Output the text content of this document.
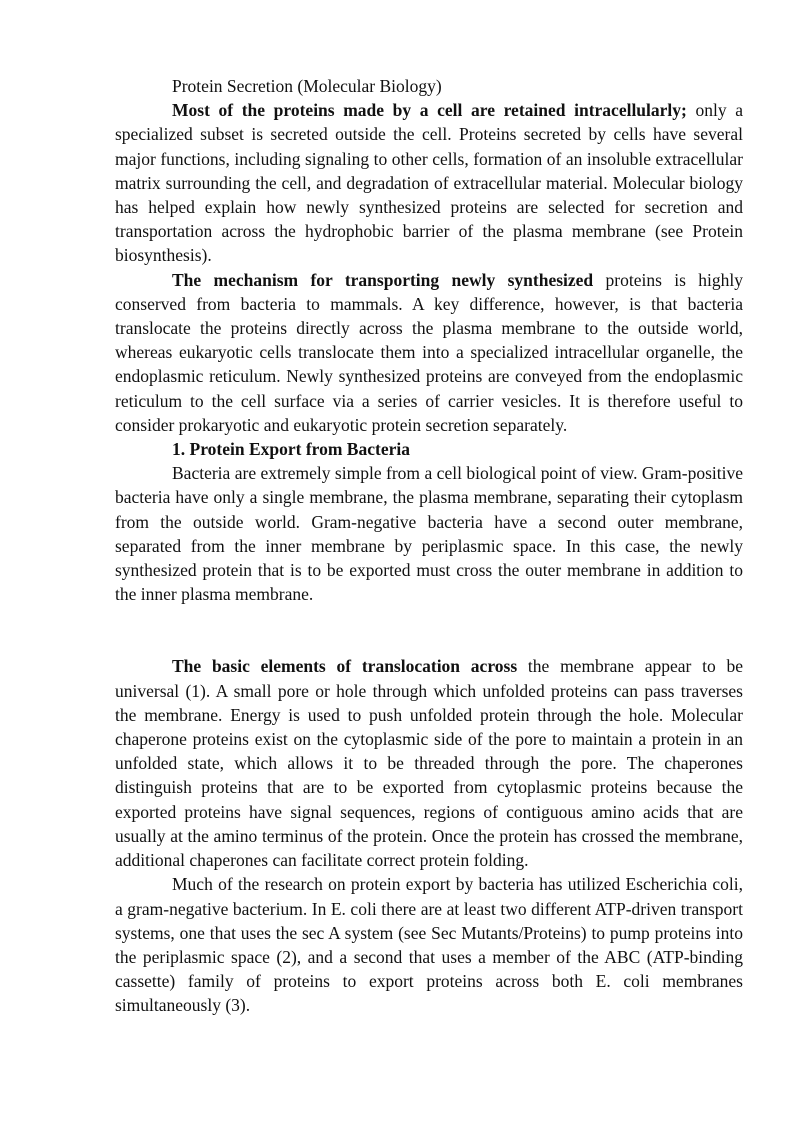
Protein Secretion (Molecular Biology)

Most of the proteins made by a cell are retained intracellularly; only a specialized subset is secreted outside the cell. Proteins secreted by cells have several major functions, including signaling to other cells, formation of an insoluble extracellular matrix surrounding the cell, and degradation of extracellular material. Molecular biology has helped explain how newly synthesized proteins are selected for secretion and transportation across the hydrophobic barrier of the plasma membrane (see Protein biosynthesis).

The mechanism for transporting newly synthesized proteins is highly conserved from bacteria to mammals. A key difference, however, is that bacteria translocate the proteins directly across the plasma membrane to the outside world, whereas eukaryotic cells translocate them into a specialized intracellular organelle, the endoplasmic reticulum. Newly synthesized proteins are conveyed from the endoplasmic reticulum to the cell surface via a series of carrier vesicles. It is therefore useful to consider prokaryotic and eukaryotic protein secretion separately.

1. Protein Export from Bacteria

Bacteria are extremely simple from a cell biological point of view. Gram-positive bacteria have only a single membrane, the plasma membrane, separating their cytoplasm from the outside world. Gram-negative bacteria have a second outer membrane, separated from the inner membrane by periplasmic space. In this case, the newly synthesized protein that is to be exported must cross the outer membrane in addition to the inner plasma membrane.

The basic elements of translocation across the membrane appear to be universal (1). A small pore or hole through which unfolded proteins can pass traverses the membrane. Energy is used to push unfolded protein through the hole. Molecular chaperone proteins exist on the cytoplasmic side of the pore to maintain a protein in an unfolded state, which allows it to be threaded through the pore. The chaperones distinguish proteins that are to be exported from cytoplasmic proteins because the exported proteins have signal sequences, regions of contiguous amino acids that are usually at the amino terminus of the protein. Once the protein has crossed the membrane, additional chaperones can facilitate correct protein folding.

Much of the research on protein export by bacteria has utilized Escherichia coli, a gram-negative bacterium. In E. coli there are at least two different ATP-driven transport systems, one that uses the sec A system (see Sec Mutants/Proteins) to pump proteins into the periplasmic space (2), and a second that uses a member of the ABC (ATP-binding cassette) family of proteins to export proteins across both E. coli membranes simultaneously (3).
